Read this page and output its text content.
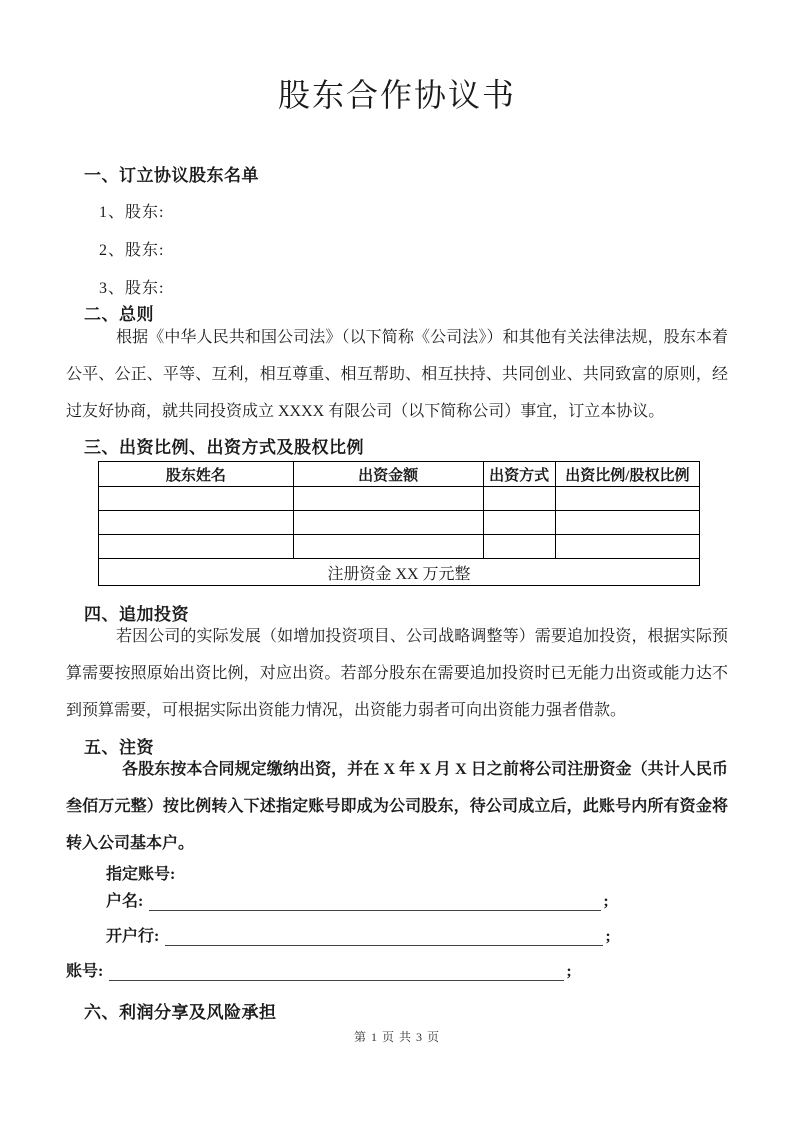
股东合作协议书
一、订立协议股东名单
1、股东:
2、股东:
3、股东:
二、总则
根据《中华人民共和国公司法》（以下简称《公司法》）和其他有关法律法规，股东本着公平、公正、平等、互利，相互尊重、相互帮助、相互扶持、共同创业、共同致富的原则，经过友好协商，就共同投资成立 XXXX 有限公司（以下简称公司）事宜，订立本协议。
三、出资比例、出资方式及股权比例
股东姓名	出资金额	出资方式	出资比例/股权比例

注册资金 XX 万元整			
四、追加投资
若因公司的实际发展（如增加投资项目、公司战略调整等）需要追加投资，根据实际预算需要按照原始出资比例，对应出资。若部分股东在需要追加投资时已无能力出资或能力达不到预算需要，可根据实际出资能力情况，出资能力弱者可向出资能力强者借款。
五、注资
各股东按本合同规定缴纳出资，并在 X 年 X 月 X 日之前将公司注册资金（共计人民币叁佰万元整）按比例转入下述指定账号即成为公司股东，待公司成立后，此账号内所有资金将转入公司基本户。
指定账号:
户名:	;
开户行:	;
账号:	;
六、利润分享及风险承担
第 1 页 共 3 页
